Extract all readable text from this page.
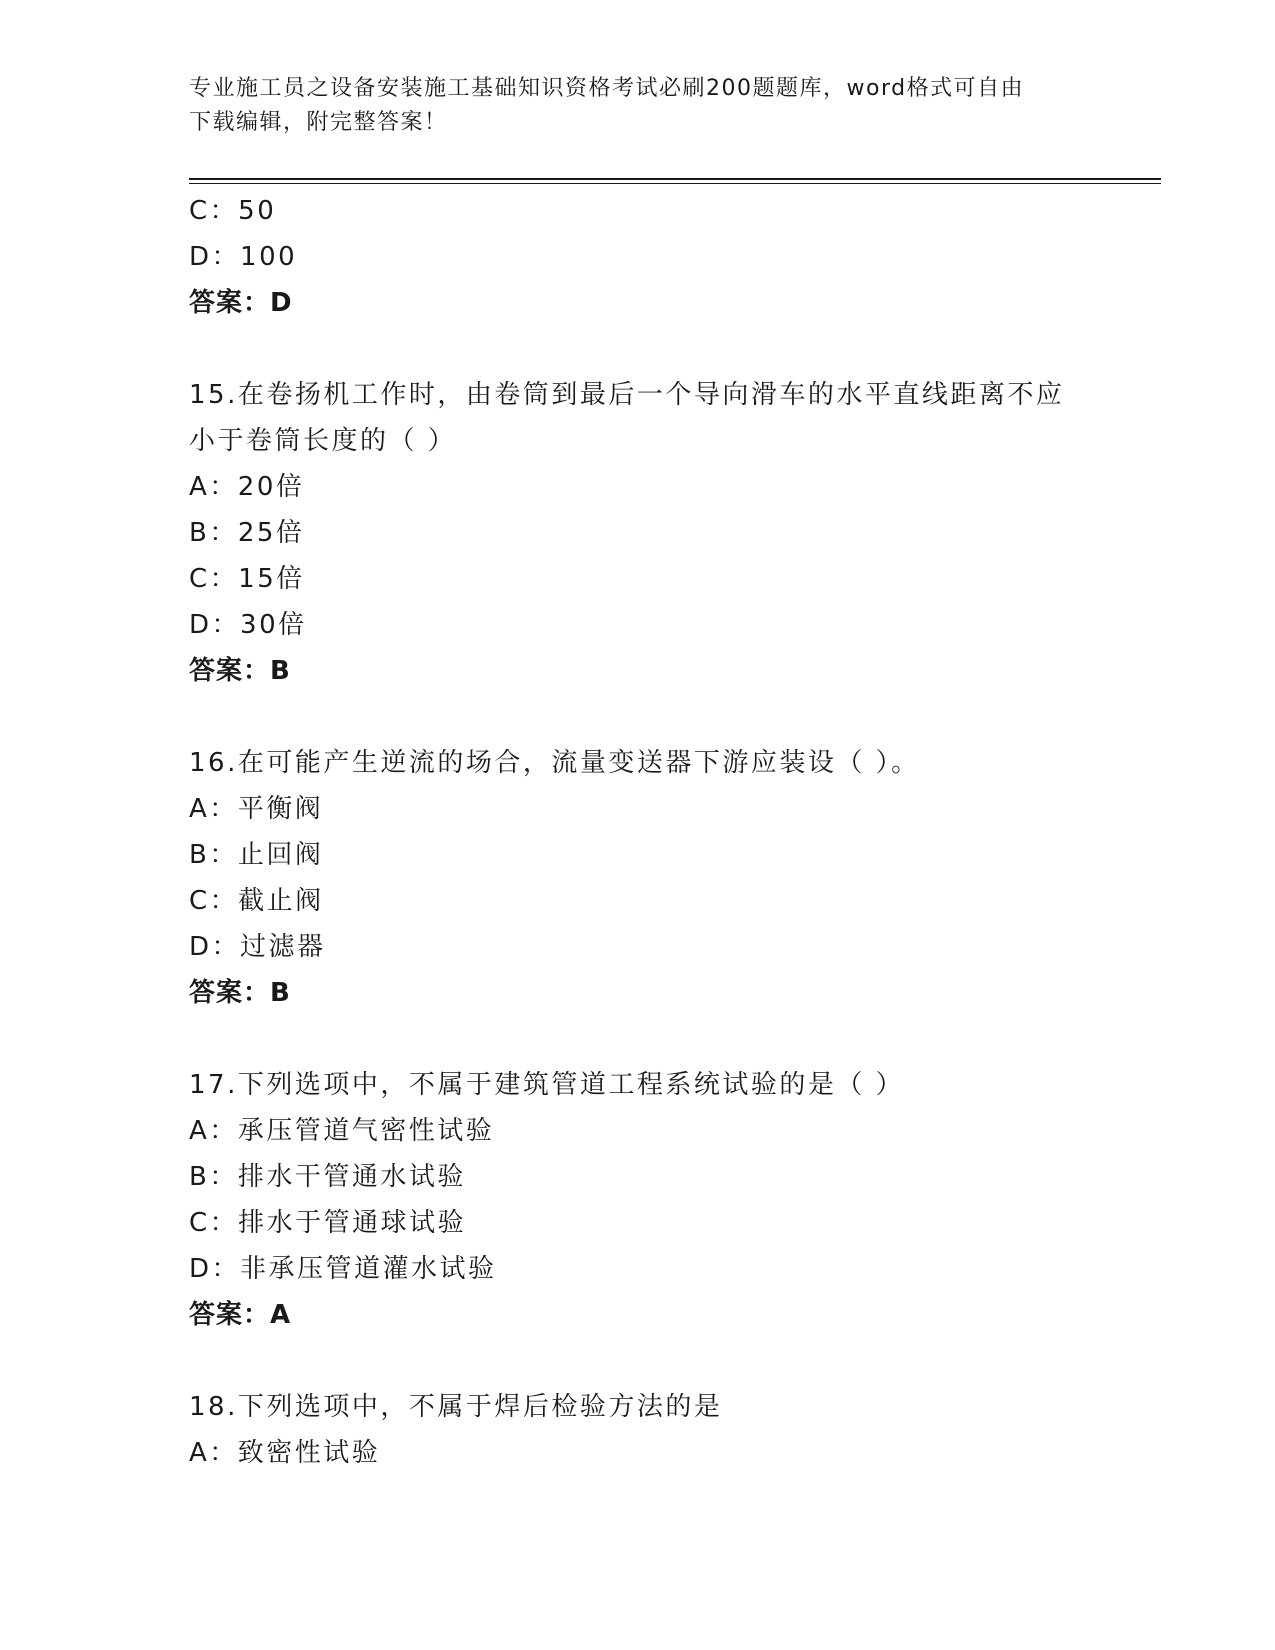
专业施工员之设备安装施工基础知识资格考试必刷200题题库，word格式可自由
下载编辑，附完整答案！
C：50
D：100
答案：D
15.在卷扬机工作时，由卷筒到最后一个导向滑车的水平直线距离不应
小于卷筒长度的（ ）
A：20倍
B：25倍
C：15倍
D：30倍
答案：B
16.在可能产生逆流的场合，流量变送器下游应装设（ ）。
A：平衡阀
B：止回阀
C：截止阀
D：过滤器
答案：B
17.下列选项中，不属于建筑管道工程系统试验的是（ ）
A：承压管道气密性试验
B：排水干管通水试验
C：排水于管通球试验
D：非承压管道灌水试验
答案：A
18.下列选项中，不属于焊后检验方法的是
A：致密性试验
